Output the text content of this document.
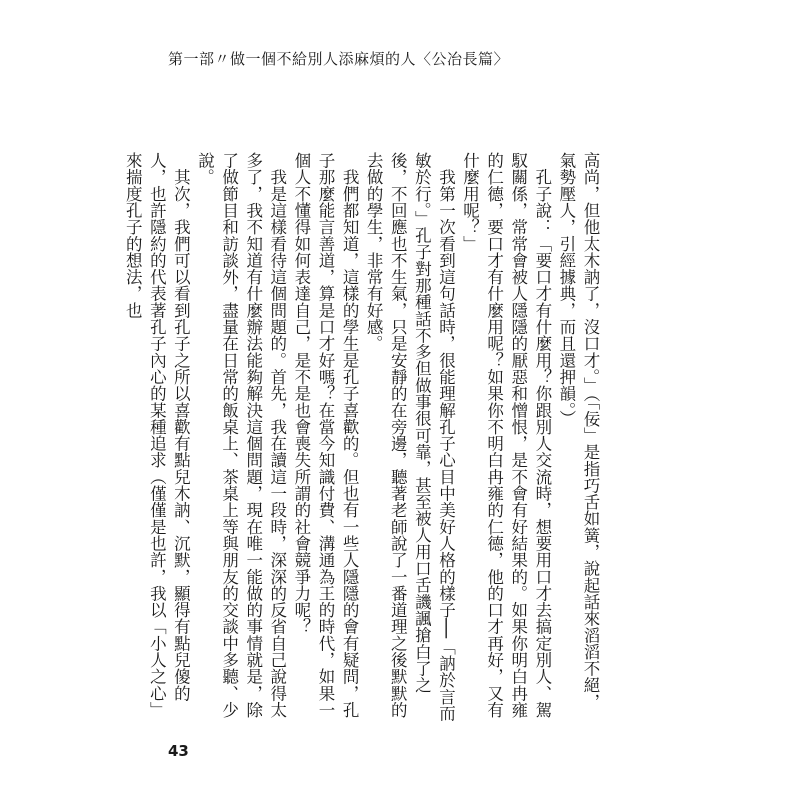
第一部〃做一個不給別人添麻煩的人〈公冶長篇〉

高尚，但他太木訥了，沒口才。」（「佞」是指巧舌如簧，說起話來滔滔不絕，氣勢壓人，引經據典，而且還押韻。）

　孔子說：「要口才有什麼用？你跟別人交流時，想要用口才去搞定別人、駕馭關係，常常會被人隱隱的厭惡和憎恨，是不會有好結果的。如果你明白冉雍的仁德，要口才有什麼用呢？如果你不明白冉雍的仁德，他的口才再好，又有什麼用呢？」

　我第一次看到這句話時，很能理解孔子心目中美好人格的樣子──「訥於言而敏於行。」孔子對那種話不多但做事很可靠，甚至被人用口舌譏諷搶白了之後，不回應也不生氣，只是安靜的在旁邊，聽著老師說了一番道理之後默默的去做的學生，非常有好感。

　我們都知道，這樣的學生是孔子喜歡的。但也有一些人隱隱的會有疑問，孔子那麼能言善道，算是口才好嗎？在當今知識付費、溝通為王的時代，如果一個人不懂得如何表達自己，是不是也會喪失所謂的社會競爭力呢？

　我是這樣看待這個問題的。首先，我在讀這一段時，深深的反省自己說得太多了，我不知道有什麼辦法能夠解決這個問題，現在唯一能做的事情就是，除了做節目和訪談外，盡量在日常的飯桌上、茶桌上等與朋友的交談中多聽、少說。

　其次，我們可以看到孔子之所以喜歡有點兒木訥、沉默，顯得有點兒傻的人，也許隱約的代表著孔子內心的某種追求（僅僅是也許，我以「小人之心」來揣度孔子的想法，也

43
